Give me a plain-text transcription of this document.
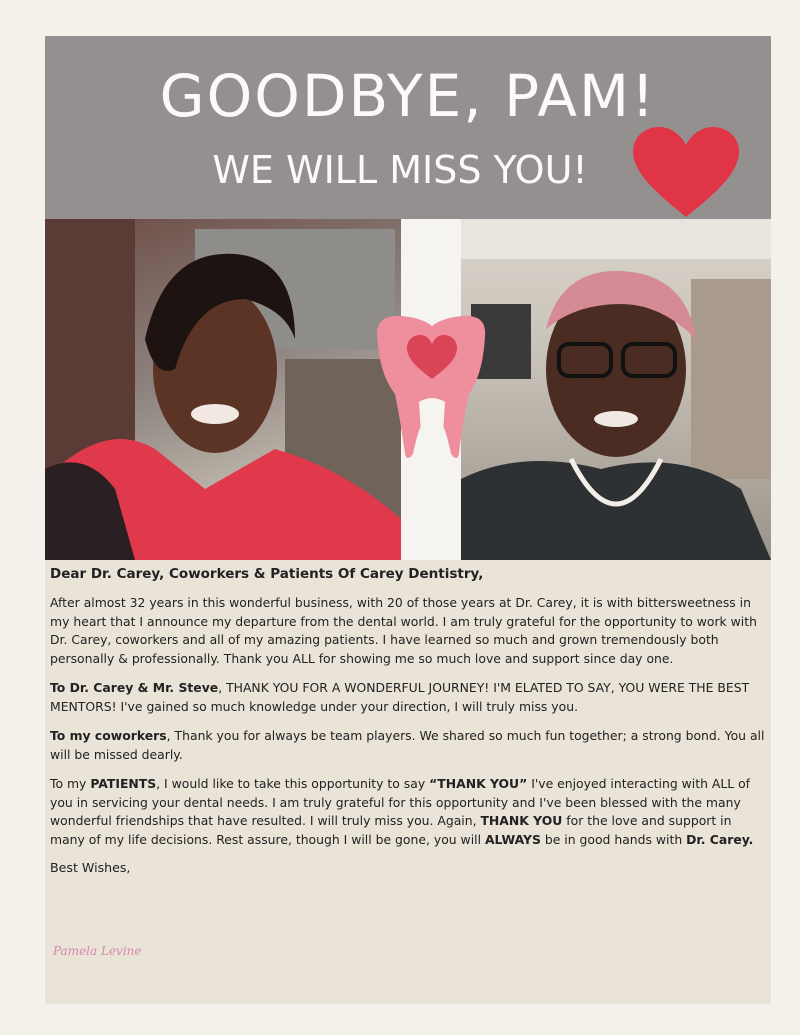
GOODBYE, PAM!
WE WILL MISS YOU!

Dear Dr. Carey, Coworkers & Patients Of Carey Dentistry,

After almost 32 years in this wonderful business, with 20 of those years at Dr. Carey, it is with bittersweetness in my heart that I announce my departure from the dental world. I am truly grateful for the opportunity to work with Dr. Carey, coworkers and all of my amazing patients. I have learned so much and grown tremendously both personally & professionally. Thank you ALL for showing me so much love and support since day one.

To Dr. Carey & Mr. Steve, THANK YOU FOR A WONDERFUL JOURNEY! I'M ELATED TO SAY, YOU WERE THE BEST MENTORS! I've gained so much knowledge under your direction, I will truly miss you.

To my coworkers, Thank you for always be team players. We shared so much fun together; a strong bond. You all will be missed dearly.

To my PATIENTS, I would like to take this opportunity to say “THANK YOU” I've enjoyed interacting with ALL of you in servicing your dental needs. I am truly grateful for this opportunity and I've been blessed with the many wonderful friendships that have resulted. I will truly miss you. Again, THANK YOU for the love and support in many of my life decisions. Rest assure, though I will be gone, you will ALWAYS be in good hands with Dr. Carey.

Best Wishes,

Pamela Levine
